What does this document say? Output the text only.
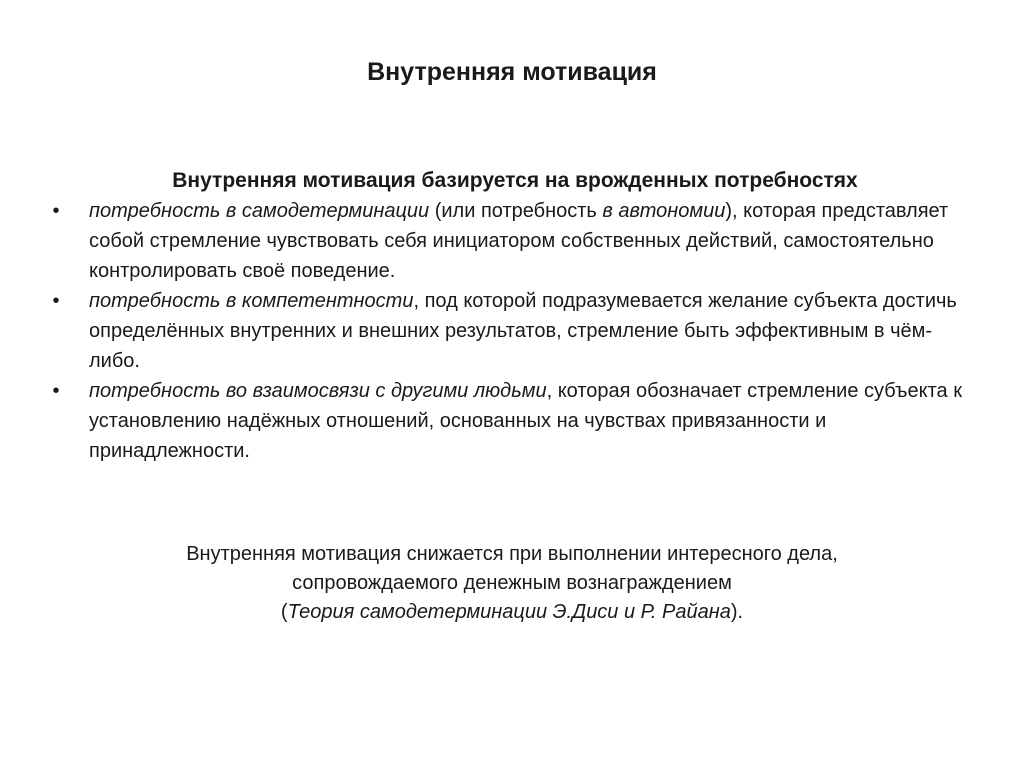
Внутренняя мотивация

Внутренняя мотивация базируется на врожденных потребностях

• потребность в самодетерминации (или потребность в автономии), которая представляет собой стремление чувствовать себя инициатором собственных действий, самостоятельно контролировать своё поведение.
• потребность в компетентности, под которой подразумевается желание субъекта достичь определённых внутренних и внешних результатов, стремление быть эффективным в чём-либо.
• потребность во взаимосвязи с другими людьми, которая обозначает стремление субъекта к установлению надёжных отношений, основанных на чувствах привязанности и принадлежности.
Внутренняя мотивация снижается при выполнении интересного дела,
сопровождаемого денежным вознаграждением
(Теория самодетерминации Э.Диси и Р. Райана).
